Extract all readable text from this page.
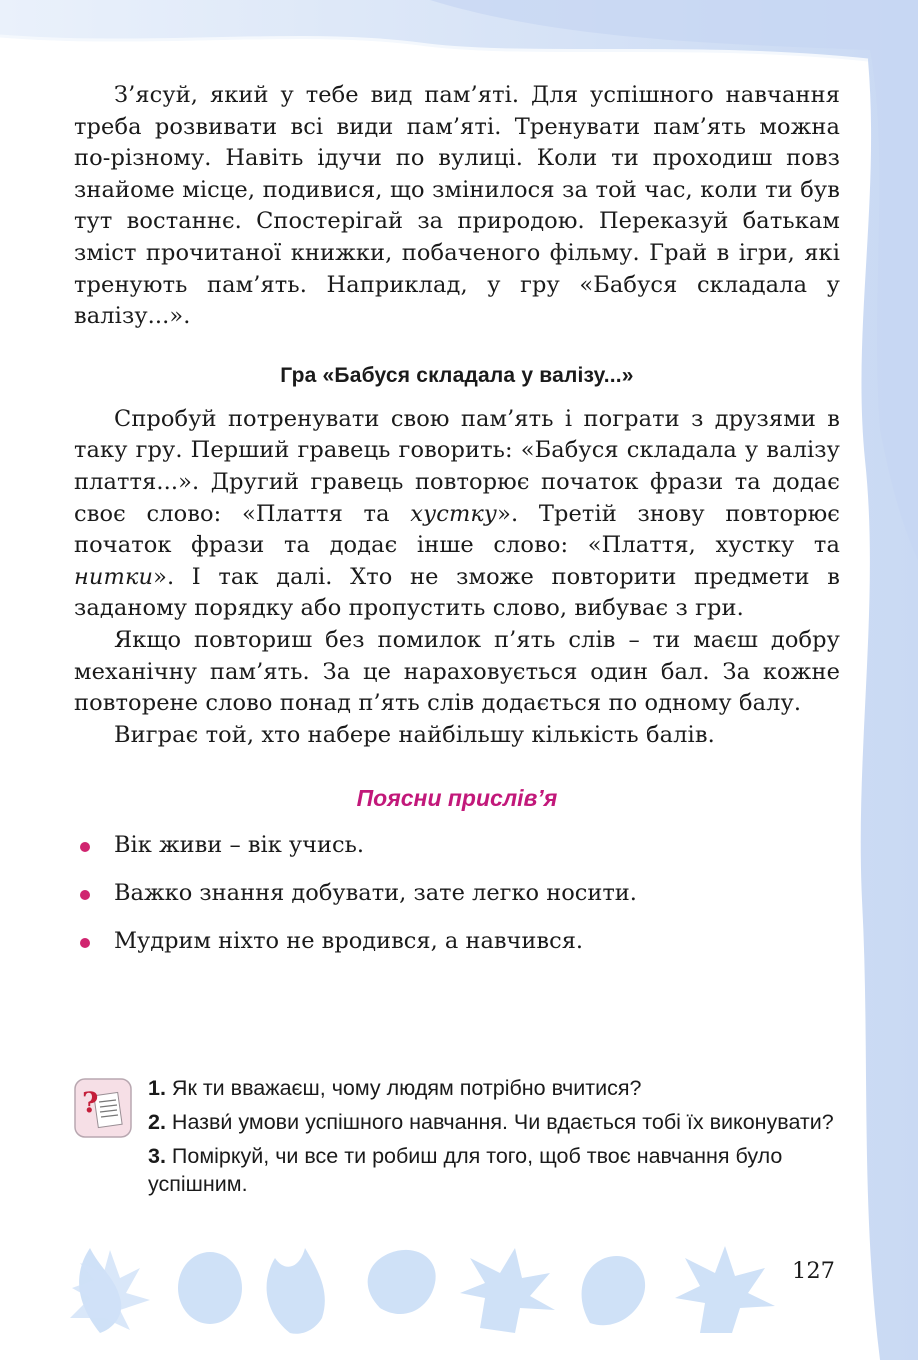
З’ясуй, який у тебе вид пам’яті. Для успішного навчання треба розвивати всі види пам’яті. Тренувати пам’ять можна по-різному. Навіть ідучи по вулиці. Коли ти проходиш повз знайоме місце, подивися, що змінилося за той час, коли ти був тут востаннє. Спостерігай за природою. Переказуй батькам зміст прочитаної книжки, побаченого фільму. Грай в ігри, які тренують пам’ять. Наприклад, у гру «Бабуся складала у валізу...».

Гра «Бабуся складала у валізу...»

Спробуй потренувати свою пам’ять і пограти з друзями в таку гру. Перший гравець говорить: «Бабуся складала у валізу плаття...». Другий гравець повторює початок фрази та додає своє слово: «Плаття та хустку». Третій знову повторює початок фрази та додає інше слово: «Плаття, хустку та нитки». І так далі. Хто не зможе повторити предмети в заданому порядку або пропустить слово, вибуває з гри.

Якщо повториш без помилок п’ять слів – ти маєш добру механічну пам’ять. За це нараховується один бал. За кожне повторене слово понад п’ять слів додається по одному балу.

Виграє той, хто набере найбільшу кількість балів.

Поясни прислів’я
Вік живи – вік учись.
Важко знання добувати, зате легко носити.
Мудрим ніхто не вродився, а навчився.
? 1. Як ти вважаєш, чому людям потрібно вчитися?
2. Назви́ умови успішного навчання. Чи вдається тобі їх виконувати?
3. Поміркуй, чи все ти робиш для того, щоб твоє навчання було успішним.
127
